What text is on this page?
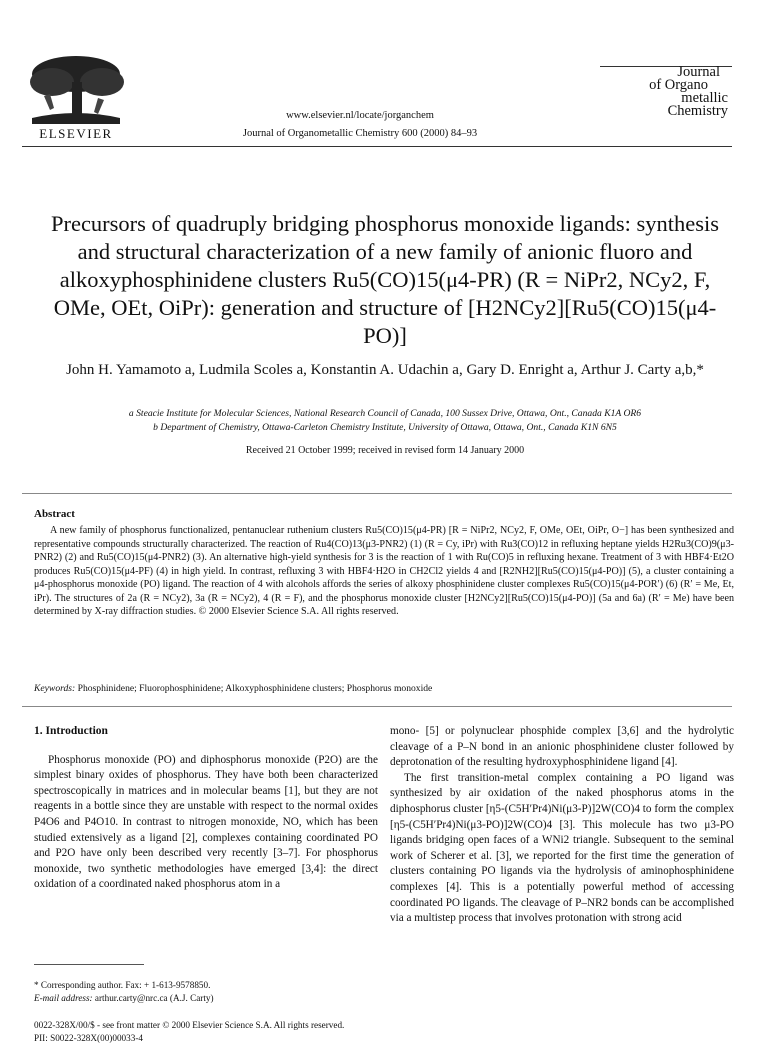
ELSEVIER
www.elsevier.nl/locate/jorganchem
Journal of Organometallic Chemistry 600 (2000) 84–93
Journal
of Organo
metallic
Chemistry
Precursors of quadruply bridging phosphorus monoxide ligands: synthesis and structural characterization of a new family of anionic fluoro and alkoxyphosphinidene clusters Ru5(CO)15(μ4-PR) (R = NiPr2, NCy2, F, OMe, OEt, OiPr): generation and structure of [H2NCy2][Ru5(CO)15(μ4-PO)]
John H. Yamamoto a, Ludmila Scoles a, Konstantin A. Udachin a, Gary D. Enright a, Arthur J. Carty a,b,*
a Steacie Institute for Molecular Sciences, National Research Council of Canada, 100 Sussex Drive, Ottawa, Ont., Canada K1A OR6
b Department of Chemistry, Ottawa-Carleton Chemistry Institute, University of Ottawa, Ottawa, Ont., Canada K1N 6N5
Received 21 October 1999; received in revised form 14 January 2000
Abstract

A new family of phosphorus functionalized, pentanuclear ruthenium clusters Ru5(CO)15(μ4-PR) [R = NiPr2, NCy2, F, OMe, OEt, OiPr, O−] has been synthesized and representative compounds structurally characterized. The reaction of Ru4(CO)13(μ3-PNR2) (1) (R = Cy, iPr) with Ru3(CO)12 in refluxing heptane yields H2Ru3(CO)9(μ3-PNR2) (2) and Ru5(CO)15(μ4-PNR2) (3). An alternative high-yield synthesis for 3 is the reaction of 1 with Ru(CO)5 in refluxing hexane. Treatment of 3 with HBF4·Et2O produces Ru5(CO)15(μ4-PF) (4) in high yield. In contrast, refluxing 3 with HBF4·H2O in CH2Cl2 yields 4 and [R2NH2][Ru5(CO)15(μ4-PO)] (5), a cluster containing a μ4-phosphorus monoxide (PO) ligand. The reaction of 4 with alcohols affords the series of alkoxy phosphinidene cluster complexes Ru5(CO)15(μ4-POR′) (6) (R′ = Me, Et, iPr). The structures of 2a (R = NCy2), 3a (R = NCy2), 4 (R = F), and the phosphorus monoxide cluster [H2NCy2][Ru5(CO)15(μ4-PO)] (5a and 6a) (R′ = Me) have been determined by X-ray diffraction studies. © 2000 Elsevier Science S.A. All rights reserved.

Keywords: Phosphinidene; Fluorophosphinidene; Alkoxyphosphinidene clusters; Phosphorus monoxide
1. Introduction

Phosphorus monoxide (PO) and diphosphorus monoxide (P2O) are the simplest binary oxides of phosphorus. They have both been characterized spectroscopically in matrices and in molecular beams [1], but they are not reagents in a bottle since they are unstable with respect to the normal oxides P4O6 and P4O10. In contrast to nitrogen monoxide, NO, which has been studied extensively as a ligand [2], complexes containing coordinated PO and P2O have only been described very recently [3–7]. For phosphorus monoxide, two synthetic methodologies have emerged [3,4]: the direct oxidation of a coordinated naked phosphorus atom in a

mono- [5] or polynuclear phosphide complex [3,6] and the hydrolytic cleavage of a P–N bond in an anionic phosphinidene cluster followed by deprotonation of the resulting hydroxyphosphinidene ligand [4].

The first transition-metal complex containing a PO ligand was synthesized by air oxidation of the naked phosphorus atoms in the diphosphorus cluster [η5-(C5H′Pr4)Ni(μ3-P)]2W(CO)4 to form the complex [η5-(C5H′Pr4)Ni(μ3-PO)]2W(CO)4 [3]. This molecule has two μ3-PO ligands bridging open faces of a WNi2 triangle. Subsequent to the seminal work of Scherer et al. [3], we reported for the first time the generation of clusters containing PO ligands via the hydrolysis of aminophosphinidene complexes [4]. This is a potentially powerful method of accessing coordinated PO ligands. The cleavage of P–NR2 bonds can be accomplished via a multistep process that involves protonation with strong acid

* Corresponding author. Fax: + 1-613-9578850.
E-mail address: arthur.carty@nrc.ca (A.J. Carty)
0022-328X/00/$ - see front matter © 2000 Elsevier Science S.A. All rights reserved.
PII: S0022-328X(00)00033-4
